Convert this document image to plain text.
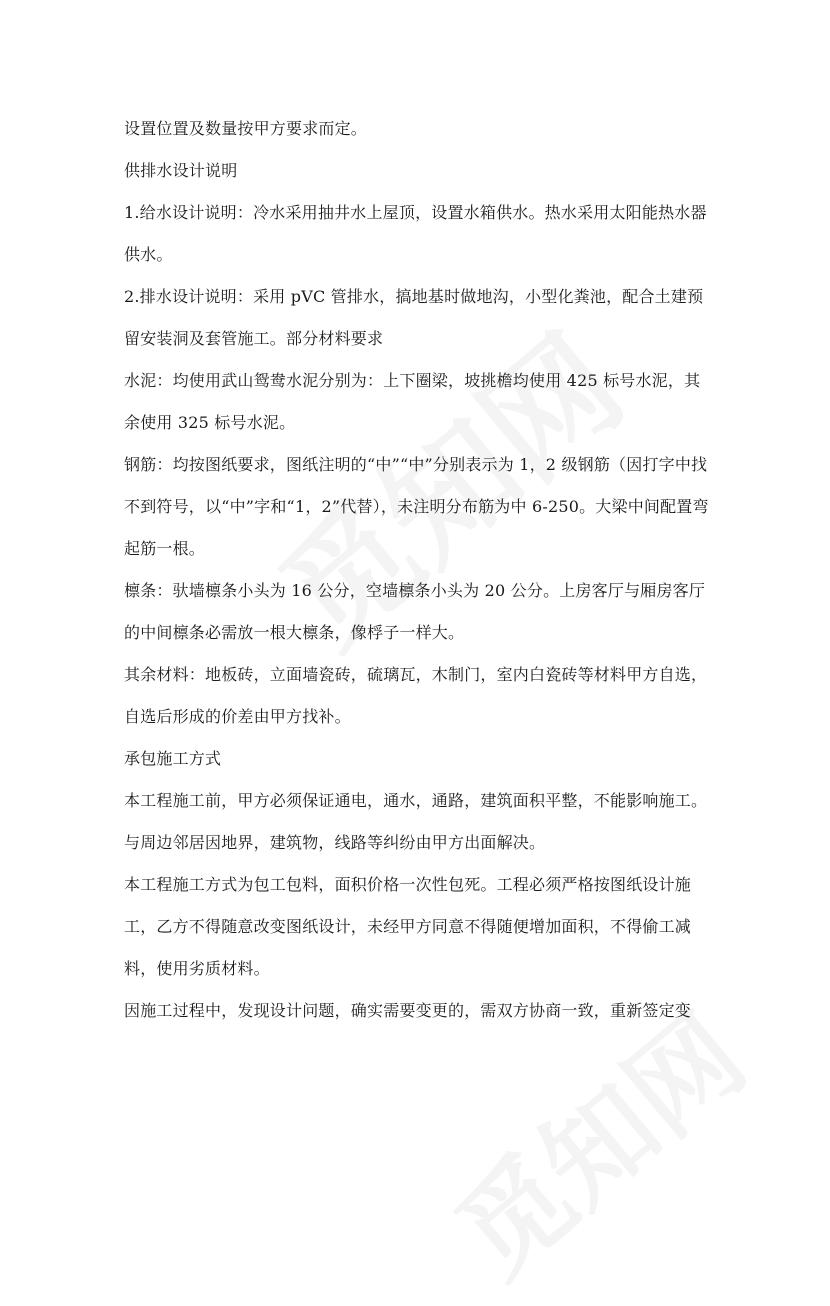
设置位置及数量按甲方要求而定。

供排水设计说明

1.给水设计说明：冷水采用抽井水上屋顶，设置水箱供水。热水采用太阳能热水器供水。

2.排水设计说明：采用 pVC 管排水，搞地基时做地沟，小型化粪池，配合土建预留安装洞及套管施工。部分材料要求

水泥：均使用武山鸳鸯水泥分别为：上下圈梁，坡挑檐均使用 425 标号水泥，其余使用 325 标号水泥。

钢筋：均按图纸要求，图纸注明的“中”“中”分别表示为 1，2 级钢筋（因打字中找不到符号，以“中”字和“1，2”代替），未注明分布筋为中 6-250。大梁中间配置弯起筋一根。

檩条：驮墙檩条小头为 16 公分，空墙檩条小头为 20 公分。上房客厅与厢房客厅的中间檩条必需放一根大檩条，像桴子一样大。

其余材料：地板砖，立面墙瓷砖，硫璃瓦，木制门，室内白瓷砖等材料甲方自选，自选后形成的价差由甲方找补。

承包施工方式

本工程施工前，甲方必须保证通电，通水，通路，建筑面积平整，不能影响施工。

与周边邻居因地界，建筑物，线路等纠纷由甲方出面解决。

本工程施工方式为包工包料，面积价格一次性包死。工程必须严格按图纸设计施工，乙方不得随意改变图纸设计，未经甲方同意不得随便增加面积，不得偷工减料，使用劣质材料。

因施工过程中，发现设计问题，确实需要变更的，需双方协商一致，重新签定变
